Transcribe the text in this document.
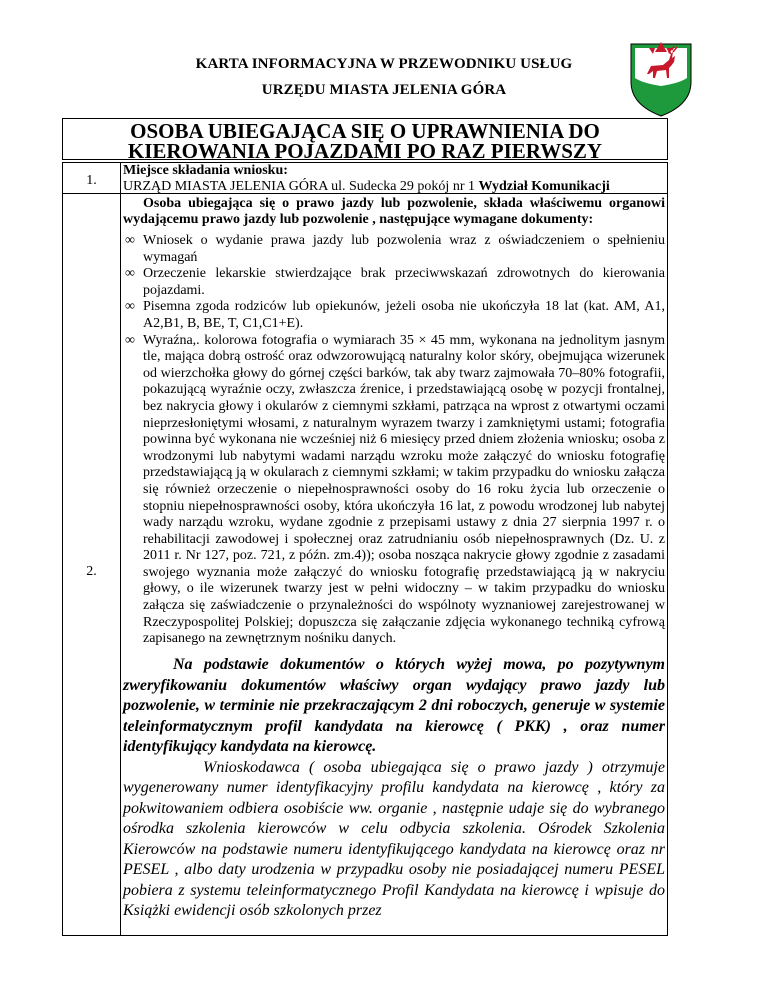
KARTA INFORMACYJNA W PRZEWODNIKU USŁUG
URZĘDU MIASTA JELENIA GÓRA
OSOBA UBIEGAJĄCA SIĘ O UPRAWNIENIA DO KIEROWANIA POJAZDAMI PO RAZ PIERWSZY
1.
2.
Miejsce składania wniosku:
URZĄD MIASTA JELENIA GÓRA ul. Sudecka 29 pokój nr 1 Wydział Komunikacji
Osoba ubiegająca się o prawo jazdy lub pozwolenie, składa właściwemu organowi wydającemu prawo jazdy lub pozwolenie , następujące wymagane dokumenty:
∞ Wniosek o wydanie prawa jazdy lub pozwolenia wraz z oświadczeniem o spełnieniu wymagań
∞ Orzeczenie lekarskie stwierdzające brak przeciwwskazań zdrowotnych do kierowania pojazdami.
∞ Pisemna zgoda rodziców lub opiekunów, jeżeli osoba nie ukończyła 18 lat (kat. AM, A1, A2,B1, B, BE, T, C1,C1+E).
∞ Wyraźna,. kolorowa fotografia o wymiarach 35 × 45 mm, wykonana na jednolitym jasnym tle, mająca dobrą ostrość oraz odwzorowującą naturalny kolor skóry, obejmująca wizerunek od wierzchołka głowy do górnej części barków, tak aby twarz zajmowała 70–80% fotografii, pokazującą wyraźnie oczy, zwłaszcza źrenice, i przedstawiającą osobę w pozycji frontalnej, bez nakrycia głowy i okularów z ciemnymi szkłami, patrząca na wprost z otwartymi oczami nieprzesłoniętymi włosami, z naturalnym wyrazem twarzy i zamkniętymi ustami; fotografia powinna być wykonana nie wcześniej niż 6 miesięcy przed dniem złożenia wniosku; osoba z wrodzonymi lub nabytymi wadami narządu wzroku może załączyć do wniosku fotografię przedstawiającą ją w okularach z ciemnymi szkłami; w takim przypadku do wniosku załącza się również orzeczenie o niepełnosprawności osoby do 16 roku życia lub orzeczenie o stopniu niepełnosprawności osoby, która ukończyła 16 lat, z powodu wrodzonej lub nabytej wady narządu wzroku, wydane zgodnie z przepisami ustawy z dnia 27 sierpnia 1997 r. o rehabilitacji zawodowej i społecznej oraz zatrudnianiu osób niepełnosprawnych (Dz. U. z 2011 r. Nr 127, poz. 721, z późn. zm.4)); osoba nosząca nakrycie głowy zgodnie z zasadami swojego wyznania może załączyć do wniosku fotografię przedstawiającą ją w nakryciu głowy, o ile wizerunek twarzy jest w pełni widoczny – w takim przypadku do wniosku załącza się zaświadczenie o przynależności do wspólnoty wyznaniowej zarejestrowanej w Rzeczypospolitej Polskiej; dopuszcza się załączanie zdjęcia wykonanego techniką cyfrową zapisanego na zewnętrznym nośniku danych.

Na podstawie dokumentów o których wyżej mowa, po pozytywnym zweryfikowaniu dokumentów właściwy organ wydający prawo jazdy lub pozwolenie, w terminie nie przekraczającym 2 dni roboczych, generuje w systemie teleinformatycznym profil kandydata na kierowcę ( PKK) , oraz numer identyfikujący kandydata na kierowcę.

Wnioskodawca ( osoba ubiegająca się o prawo jazdy ) otrzymuje wygenerowany numer identyfikacyjny profilu kandydata na kierowcę , który za pokwitowaniem odbiera osobiście ww. organie , następnie udaje się do wybranego ośrodka szkolenia kierowców w celu odbycia szkolenia. Ośrodek Szkolenia Kierowców na podstawie numeru identyfikującego kandydata na kierowcę oraz nr PESEL , albo daty urodzenia w przypadku osoby nie posiadającej numeru PESEL pobiera z systemu teleinformatycznego Profil Kandydata na kierowcę i wpisuje do Książki ewidencji osób szkolonych przez
